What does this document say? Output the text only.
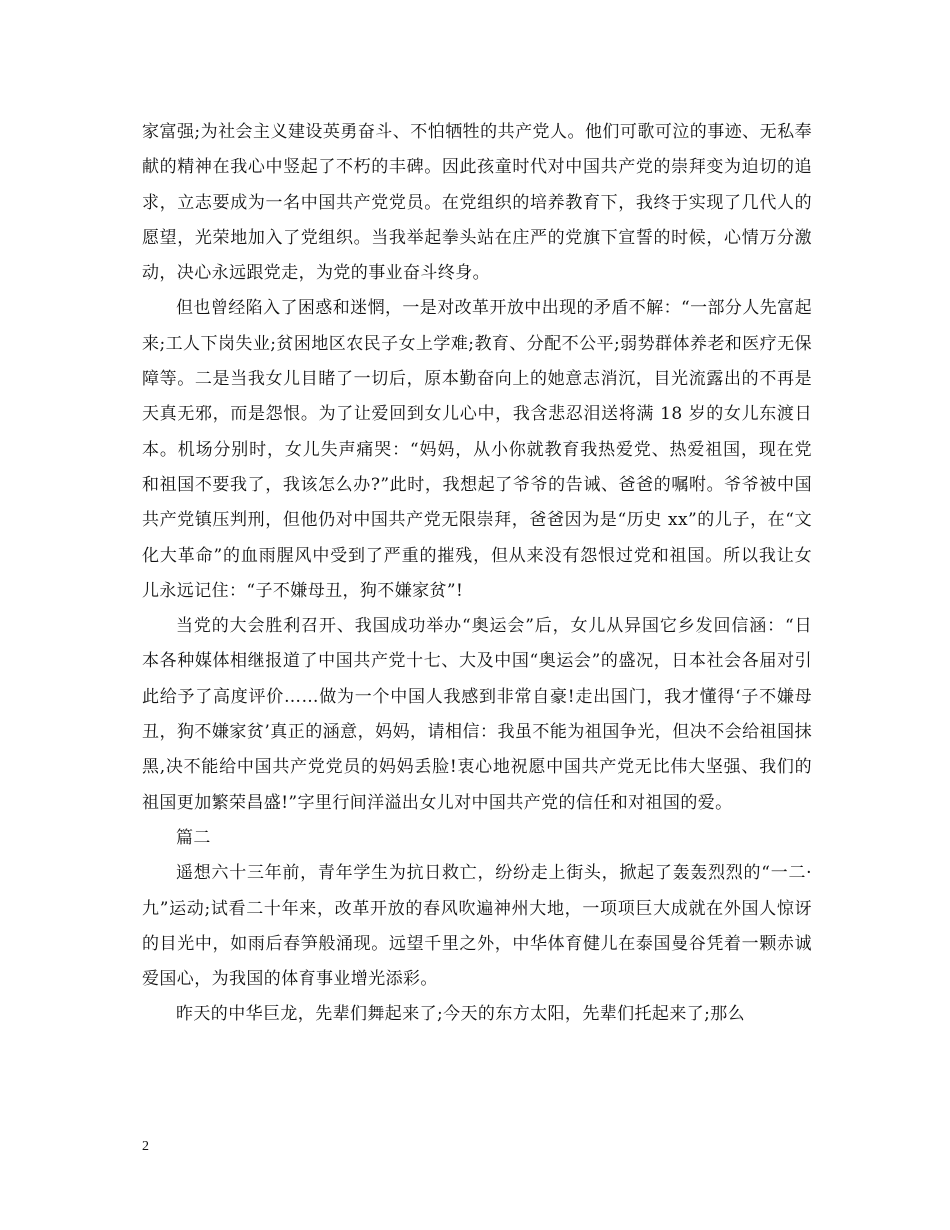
家富强;为社会主义建设英勇奋斗、不怕牺牲的共产党人。他们可歌可泣的事迹、无私奉献的精神在我心中竖起了不朽的丰碑。因此孩童时代对中国共产党的崇拜变为迫切的追求，立志要成为一名中国共产党党员。在党组织的培养教育下，我终于实现了几代人的愿望，光荣地加入了党组织。当我举起拳头站在庄严的党旗下宣誓的时候，心情万分激动，决心永远跟党走，为党的事业奋斗终身。

但也曾经陷入了困惑和迷惘，一是对改革开放中出现的矛盾不解：“一部分人先富起来;工人下岗失业;贫困地区农民子女上学难;教育、分配不公平;弱势群体养老和医疗无保障等。二是当我女儿目睹了一切后，原本勤奋向上的她意志消沉，目光流露出的不再是天真无邪，而是怨恨。为了让爱回到女儿心中，我含悲忍泪送将满 18 岁的女儿东渡日本。机场分别时，女儿失声痛哭：“妈妈，从小你就教育我热爱党、热爱祖国，现在党和祖国不要我了，我该怎么办?”此时，我想起了爷爷的告诫、爸爸的嘱咐。爷爷被中国共产党镇压判刑，但他仍对中国共产党无限崇拜，爸爸因为是“历史 xx”的儿子，在“文化大革命”的血雨腥风中受到了严重的摧残，但从来没有怨恨过党和祖国。所以我让女儿永远记住：“子不嫌母丑，狗不嫌家贫”!

当党的大会胜利召开、我国成功举办“奥运会”后，女儿从异国它乡发回信涵：“日本各种媒体相继报道了中国共产党十七、大及中国“奥运会”的盛况，日本社会各届对引此给予了高度评价……做为一个中国人我感到非常自豪!走出国门，我才懂得‘子不嫌母丑，狗不嫌家贫’真正的涵意，妈妈，请相信：我虽不能为祖国争光，但决不会给祖国抹黑,决不能给中国共产党党员的妈妈丢脸!衷心地祝愿中国共产党无比伟大坚强、我们的祖国更加繁荣昌盛!”字里行间洋溢出女儿对中国共产党的信任和对祖国的爱。

篇二

遥想六十三年前，青年学生为抗日救亡，纷纷走上街头，掀起了轰轰烈烈的“一二·九”运动;试看二十年来，改革开放的春风吹遍神州大地，一项项巨大成就在外国人惊讶的目光中，如雨后春笋般涌现。远望千里之外，中华体育健儿在泰国曼谷凭着一颗赤诚爱国心，为我国的体育事业增光添彩。

昨天的中华巨龙，先辈们舞起来了;今天的东方太阳，先辈们托起来了;那么

2
